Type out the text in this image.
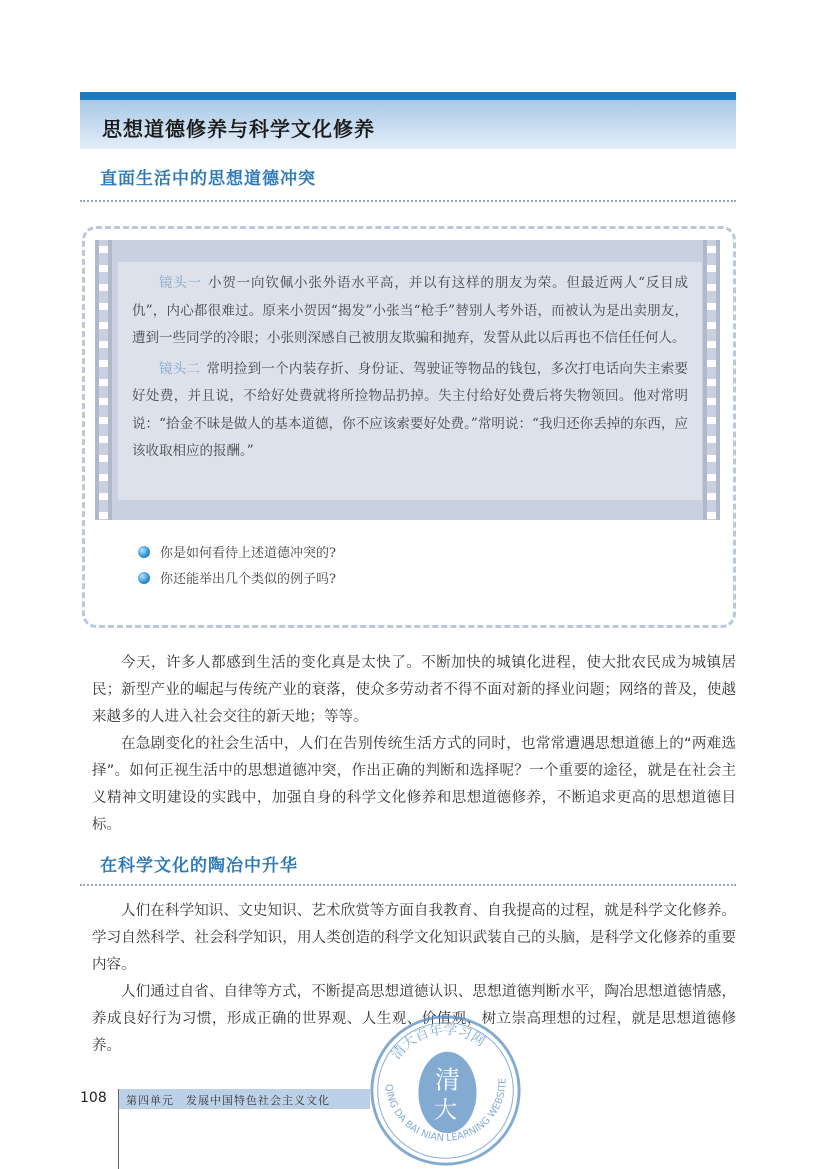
思想道德修养与科学文化修养
直面生活中的思想道德冲突

镜头一 小贺一向钦佩小张外语水平高，并以有这样的朋友为荣。但最近两人“反目成仇”，内心都很难过。原来小贺因“揭发”小张当“枪手”替别人考外语，而被认为是出卖朋友，遭到一些同学的冷眼；小张则深感自己被朋友欺骗和抛弃，发誓从此以后再也不信任任何人。

镜头二 常明捡到一个内装存折、身份证、驾驶证等物品的钱包，多次打电话向失主索要好处费，并且说，不给好处费就将所捡物品扔掉。失主付给好处费后将失物领回。他对常明说：“拾金不昧是做人的基本道德，你不应该索要好处费。”常明说：“我归还你丢掉的东西，应该收取相应的报酬。”

你是如何看待上述道德冲突的?
你还能举出几个类似的例子吗?

今天，许多人都感到生活的变化真是太快了。不断加快的城镇化进程，使大批农民成为城镇居民；新型产业的崛起与传统产业的衰落，使众多劳动者不得不面对新的择业问题；网络的普及，使越来越多的人进入社会交往的新天地；等等。

在急剧变化的社会生活中，人们在告别传统生活方式的同时，也常常遭遇思想道德上的“两难选择”。如何正视生活中的思想道德冲突，作出正确的判断和选择呢？一个重要的途径，就是在社会主义精神文明建设的实践中，加强自身的科学文化修养和思想道德修养，不断追求更高的思想道德目标。

在科学文化的陶冶中升华

人们在科学知识、文史知识、艺术欣赏等方面自我教育、自我提高的过程，就是科学文化修养。学习自然科学、社会科学知识，用人类创造的科学文化知识武装自己的头脑，是科学文化修养的重要内容。

人们通过自省、自律等方式，不断提高思想道德认识、思想道德判断水平，陶冶思想道德情感，养成良好行为习惯，形成正确的世界观、人生观、价值观，树立崇高理想的过程，就是思想道德修养。

108	第四单元　发展中国特色社会主义文化
清
大
清大百年学习网
QING DA BAI NIAN LEARNING WEBSITE
